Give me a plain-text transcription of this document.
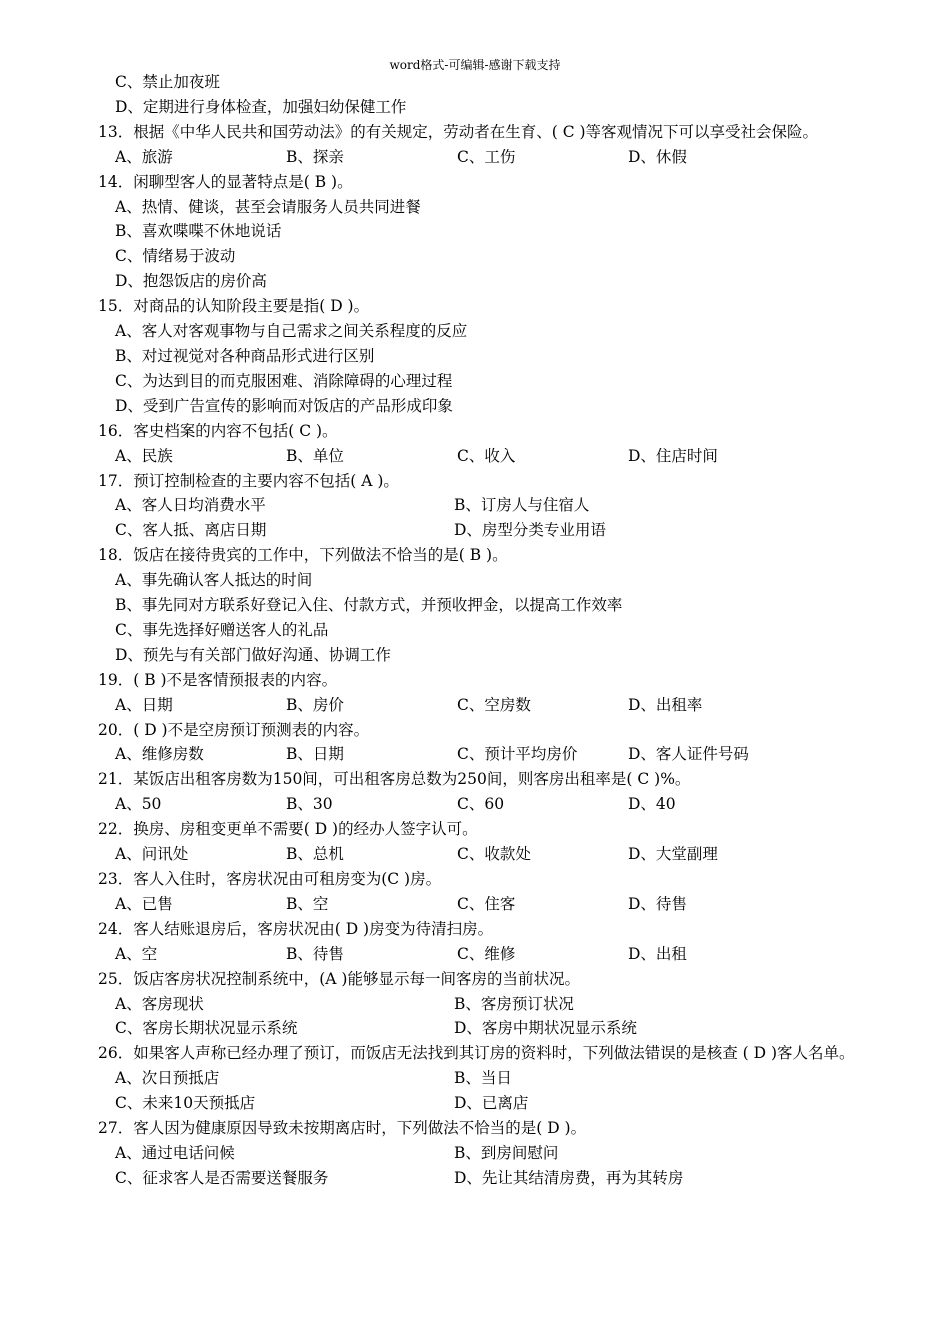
word格式-可编辑-感谢下载支持
C、禁止加夜班
D、定期进行身体检查，加强妇幼保健工作
13．根据《中华人民共和国劳动法》的有关规定，劳动者在生育、( C )等客观情况下可以享受社会保险。
A、旅游	B、探亲	C、工伤	D、休假
14．闲聊型客人的显著特点是( B )。
A、热情、健谈，甚至会请服务人员共同进餐
B、喜欢喋喋不休地说话
C、情绪易于波动
D、抱怨饭店的房价高
15．对商品的认知阶段主要是指( D )。
A、客人对客观事物与自己需求之间关系程度的反应
B、对过视觉对各种商品形式进行区别
C、为达到目的而克服困难、消除障碍的心理过程
D、受到广告宣传的影响而对饭店的产品形成印象
16．客史档案的内容不包括( C )。
A、民族	B、单位	C、收入	D、住店时间
17．预订控制检查的主要内容不包括( A )。
A、客人日均消费水平	B、订房人与住宿人
C、客人抵、离店日期	D、房型分类专业用语
18．饭店在接待贵宾的工作中，下列做法不恰当的是( B )。
A、事先确认客人抵达的时间
B、事先同对方联系好登记入住、付款方式，并预收押金，以提高工作效率
C、事先选择好赠送客人的礼品
D、预先与有关部门做好沟通、协调工作
19．( B )不是客情预报表的内容。
A、日期	B、房价	C、空房数	D、出租率
20．( D )不是空房预订预测表的内容。
A、维修房数	B、日期	C、预计平均房价	D、客人证件号码
21．某饭店出租客房数为150间，可出租客房总数为250间，则客房出租率是( C )%。
A、50	B、30	C、60	D、40
22．换房、房租变更单不需要( D )的经办人签字认可。
A、问讯处	B、总机	C、收款处	D、大堂副理
23．客人入住时，客房状况由可租房变为(C )房。
A、已售	B、空	C、住客	D、待售
24．客人结账退房后，客房状况由( D )房变为待清扫房。
A、空	B、待售	C、维修	D、出租
25．饭店客房状况控制系统中，(A )能够显示每一间客房的当前状况。
A、客房现状	B、客房预订状况
C、客房长期状况显示系统	D、客房中期状况显示系统
26．如果客人声称已经办理了预订，而饭店无法找到其订房的资料时，下列做法错误的是核查 ( D )客人名单。
A、次日预抵店	B、当日
C、未来10天预抵店	D、已离店
27．客人因为健康原因导致未按期离店时，下列做法不恰当的是( D )。
A、通过电话问候	B、到房间慰问
C、征求客人是否需要送餐服务	D、先让其结清房费，再为其转房
